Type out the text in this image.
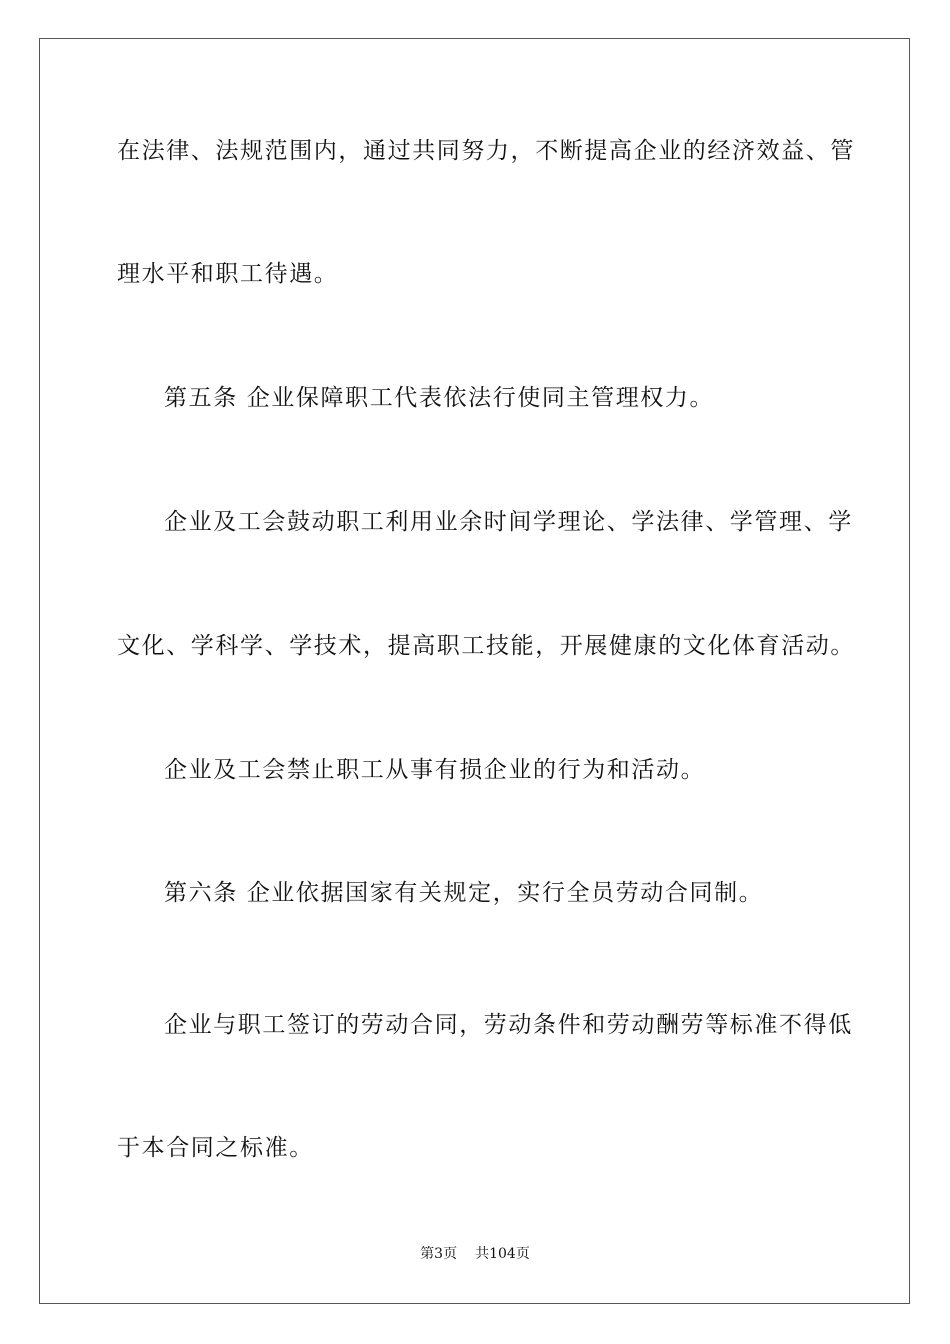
在法律、法规范围内，通过共同努力，不断提高企业的经济效益、管
理水平和职工待遇。
第五条 企业保障职工代表依法行使同主管理权力。
企业及工会鼓动职工利用业余时间学理论、学法律、学管理、学
文化、学科学、学技术，提高职工技能，开展健康的文化体育活动。
企业及工会禁止职工从事有损企业的行为和活动。
第六条 企业依据国家有关规定，实行全员劳动合同制。
企业与职工签订的劳动合同，劳动条件和劳动酬劳等标准不得低
于本合同之标准。
第3页 共104页
